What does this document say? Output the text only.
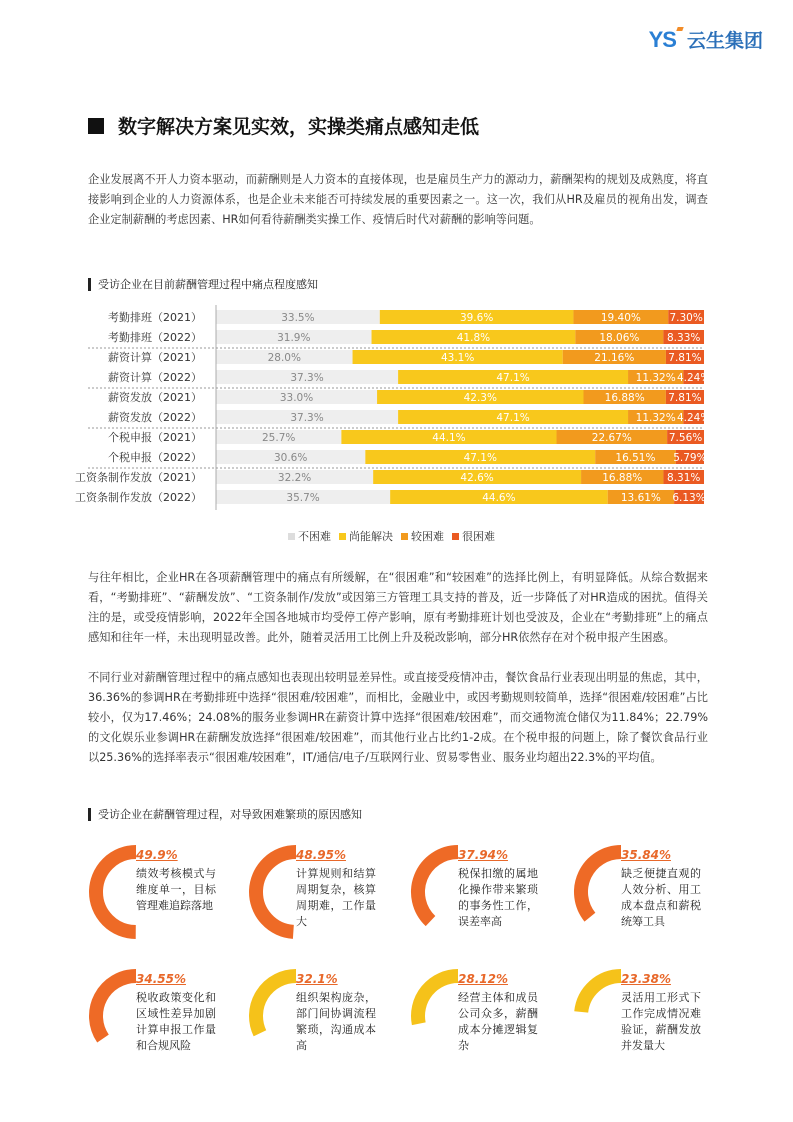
YS 云生集团
数字解决方案见实效，实操类痛点感知走低
企业发展离不开人力资本驱动，而薪酬则是人力资本的直接体现，也是雇员生产力的源动力，薪酬架构的规划及成熟度，将直接影响到企业的人力资源体系，也是企业未来能否可持续发展的重要因素之一。这一次，我们从HR及雇员的视角出发，调查企业定制薪酬的考虑因素、HR如何看待薪酬类实操工作、疫情后时代对薪酬的影响等问题。
受访企业在目前薪酬管理过程中痛点程度感知
考勤排班（2021）	33.5%	39.6%	19.40%	7.30%
考勤排班（2022）	31.9%	41.8%	18.06%	8.33%
薪资计算（2021）	28.0%	43.1%	21.16%	7.81%
薪资计算（2022）	37.3%	47.1%	11.32% 4.24%
薪资发放（2021）	33.0%	42.3%	16.88% 7.81%
薪资发放（2022）	37.3%	47.1%	11.32% 4.24%
个税申报（2021）	25.7%	44.1%	22.67%	7.56%
个税申报（2022）	30.6%	47.1%	16.51% 5.79%
工资条制作发放（2021）	32.2%	42.6%	16.88% 8.31%
工资条制作发放（2022）	35.7%	44.6%	13.61% 6.13%
不困难 尚能解决 较困难 很困难
与往年相比，企业HR在各项薪酬管理中的痛点有所缓解，在“很困难”和“较困难”的选择比例上，有明显降低。从综合数据来看，“考勤排班”、“薪酬发放”、“工资条制作/发放”或因第三方管理工具支持的普及，近一步降低了对HR造成的困扰。值得关注的是，或受疫情影响，2022年全国各地城市均受停工停产影响，原有考勤排班计划也受波及，企业在“考勤排班”上的痛点感知和往年一样，未出现明显改善。此外，随着灵活用工比例上升及税改影响，部分HR依然存在对个税申报产生困惑。
不同行业对薪酬管理过程中的痛点感知也表现出较明显差异性。或直接受疫情冲击，餐饮食品行业表现出明显的焦虑，其中，36.36%的参调HR在考勤排班中选择“很困难/较困难”，而相比，金融业中，或因考勤规则较简单，选择“很困难/较困难”占比较小，仅为17.46%；24.08%的服务业参调HR在薪资计算中选择“很困难/较困难”，而交通物流仓储仅为11.84%；22.79%的文化娱乐业参调HR在薪酬发放选择“很困难/较困难”，而其他行业占比约1-2成。在个税申报的问题上，除了餐饮食品行业以25.36%的选择率表示“很困难/较困难”，IT/通信/电子/互联网行业、贸易零售业、服务业均超出22.3%的平均值。
受访企业在薪酬管理过程，对导致困难繁琐的原因感知
49.9%
绩效考核模式与维度单一，目标管理难追踪落地
48.95%
计算规则和结算周期复杂，核算周期难，工作量大
37.94%
税保扣缴的属地化操作带来繁琐的事务性工作，误差率高
35.84%
缺乏便捷直观的人效分析、用工成本盘点和薪税统筹工具
34.55%
税收政策变化和区域性差异加剧计算申报工作量和合规风险
32.1%
组织架构庞杂，部门间协调流程繁琐，沟通成本高
28.12%
经营主体和成员公司众多，薪酬成本分摊逻辑复杂
23.38%
灵活用工形式下工作完成情况难验证，薪酬发放并发量大
